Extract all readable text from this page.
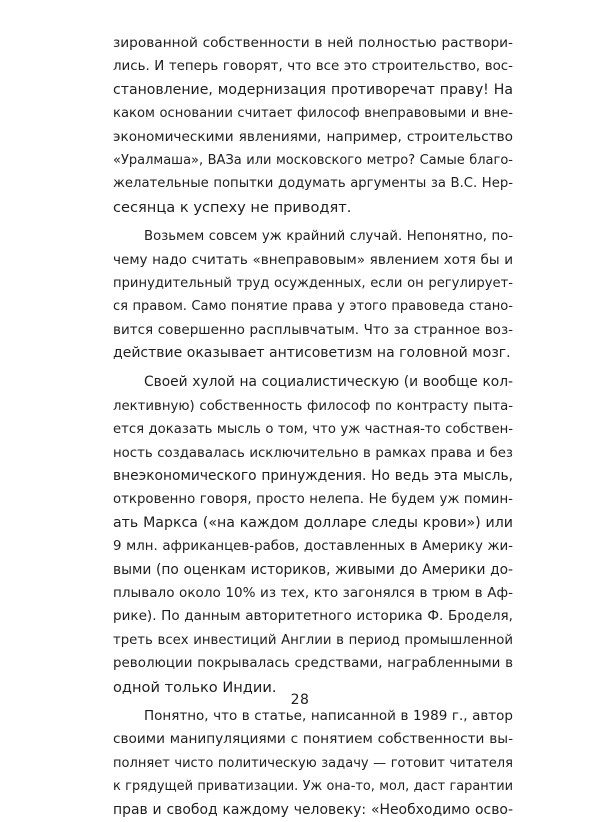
зированной собственности в ней полностью раствори-
лись. И теперь говорят, что все это строительство, вос-
становление, модернизация противоречат праву! На
каком основании считает философ внеправовыми и вне-
экономическими явлениями, например, строительство
«Уралмаша», ВАЗа или московского метро? Самые благо-
желательные попытки додумать аргументы за В.С. Нер-
сесянца к успеху не приводят.
Возьмем совсем уж крайний случай. Непонятно, по-
чему надо считать «внеправовым» явлением хотя бы и
принудительный труд осужденных, если он регулирует-
ся правом. Само понятие права у этого правоведа стано-
вится совершенно расплывчатым. Что за странное воз-
действие оказывает антисоветизм на головной мозг.
Своей хулой на социалистическую (и вообще кол-
лективную) собственность философ по контрасту пыта-
ется доказать мысль о том, что уж частная-то собствен-
ность создавалась исключительно в рамках права и без
внеэкономического принуждения. Но ведь эта мысль,
откровенно говоря, просто нелепа. Не будем уж помин-
ать Маркса («на каждом долларе следы крови») или
9 млн. африканцев-рабов, доставленных в Америку жи-
выми (по оценкам историков, живыми до Америки до-
плывало около 10% из тех, кто загонялся в трюм в Аф-
рике). По данным авторитетного историка Ф. Броделя,
треть всех инвестиций Англии в период промышленной
революции покрывалась средствами, награбленными в
одной только Индии.
Понятно, что в статье, написанной в 1989 г., автор
своими манипуляциями с понятием собственности вы-
полняет чисто политическую задачу — готовит читателя
к грядущей приватизации. Уж она-то, мол, даст гарантии
прав и свобод каждому человеку: «Необходимо осво-
28
